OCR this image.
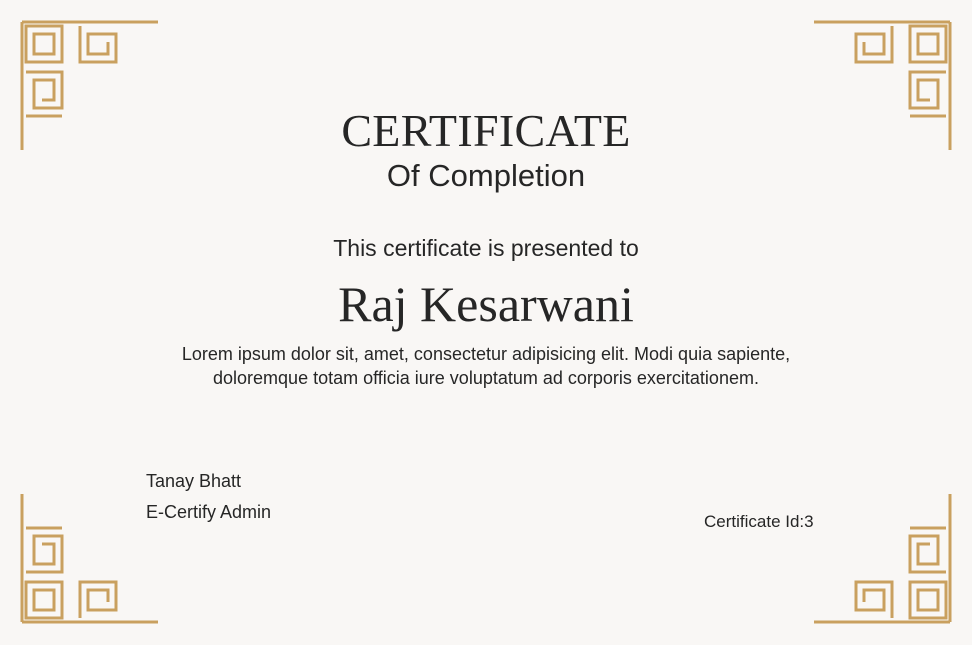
CERTIFICATE
Of Completion
This certificate is presented to
Raj Kesarwani
Lorem ipsum dolor sit, amet, consectetur adipisicing elit. Modi quia sapiente, doloremque totam officia iure voluptatum ad corporis exercitationem.
Tanay Bhatt
E-Certify Admin	Certificate Id:3
